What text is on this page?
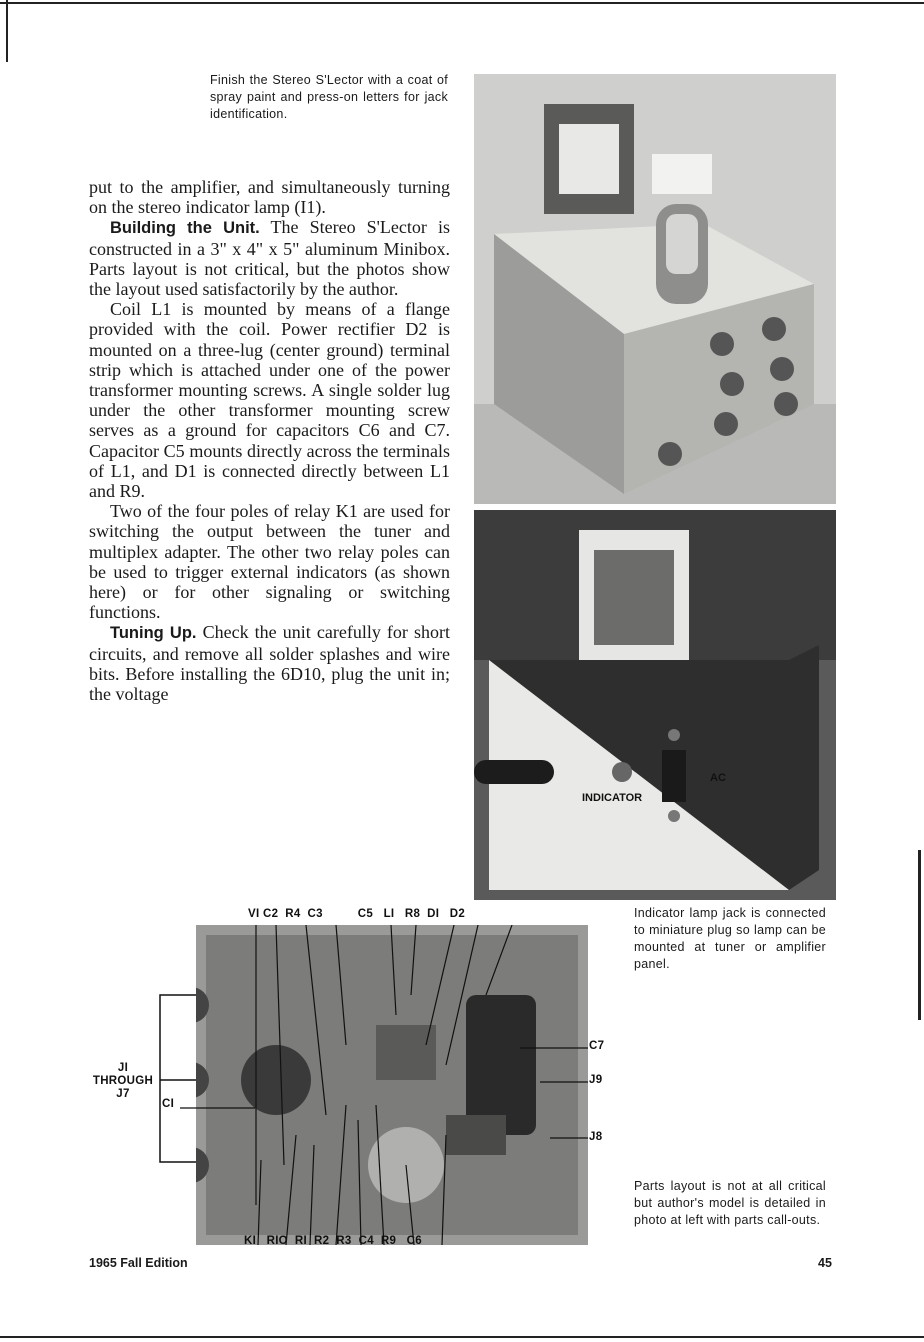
Finish the Stereo S'Lector with a coat of spray paint and press-on letters for jack identification.

put to the amplifier, and simultaneously turning on the stereo indicator lamp (I1).

Building the Unit. The Stereo S'Lector is constructed in a 3" x 4" x 5" aluminum Minibox. Parts layout is not critical, but the photos show the layout used satisfactorily by the author.

Coil L1 is mounted by means of a flange provided with the coil. Power rectifier D2 is mounted on a three-lug (center ground) terminal strip which is attached under one of the power transformer mounting screws. A single solder lug under the other transformer mounting screw serves as a ground for capacitors C6 and C7. Capacitor C5 mounts directly across the terminals of L1, and D1 is connected directly between L1 and R9.

Two of the four poles of relay K1 are used for switching the output between the tuner and multiplex adapter. The other two relay poles can be used to trigger external indicators (as shown here) or for other signaling or switching functions.

Tuning Up. Check the unit carefully for short circuits, and remove all solder splashes and wire bits. Before installing the 6D10, plug the unit in; the voltage

INDICATOR
AC
VI C2  R4  C3          C5   LI   R8  DI   D2
KI   RIO  RI  R2  R3  C4  R9   C6
JI THROUGH J7
CI
C7
J9
J8
Indicator lamp jack is connected to miniature plug so lamp can be mounted at tuner or amplifier panel.
Parts layout is not at all critical but author's model is detailed in photo at left with parts call-outs.
1965 Fall Edition	45
